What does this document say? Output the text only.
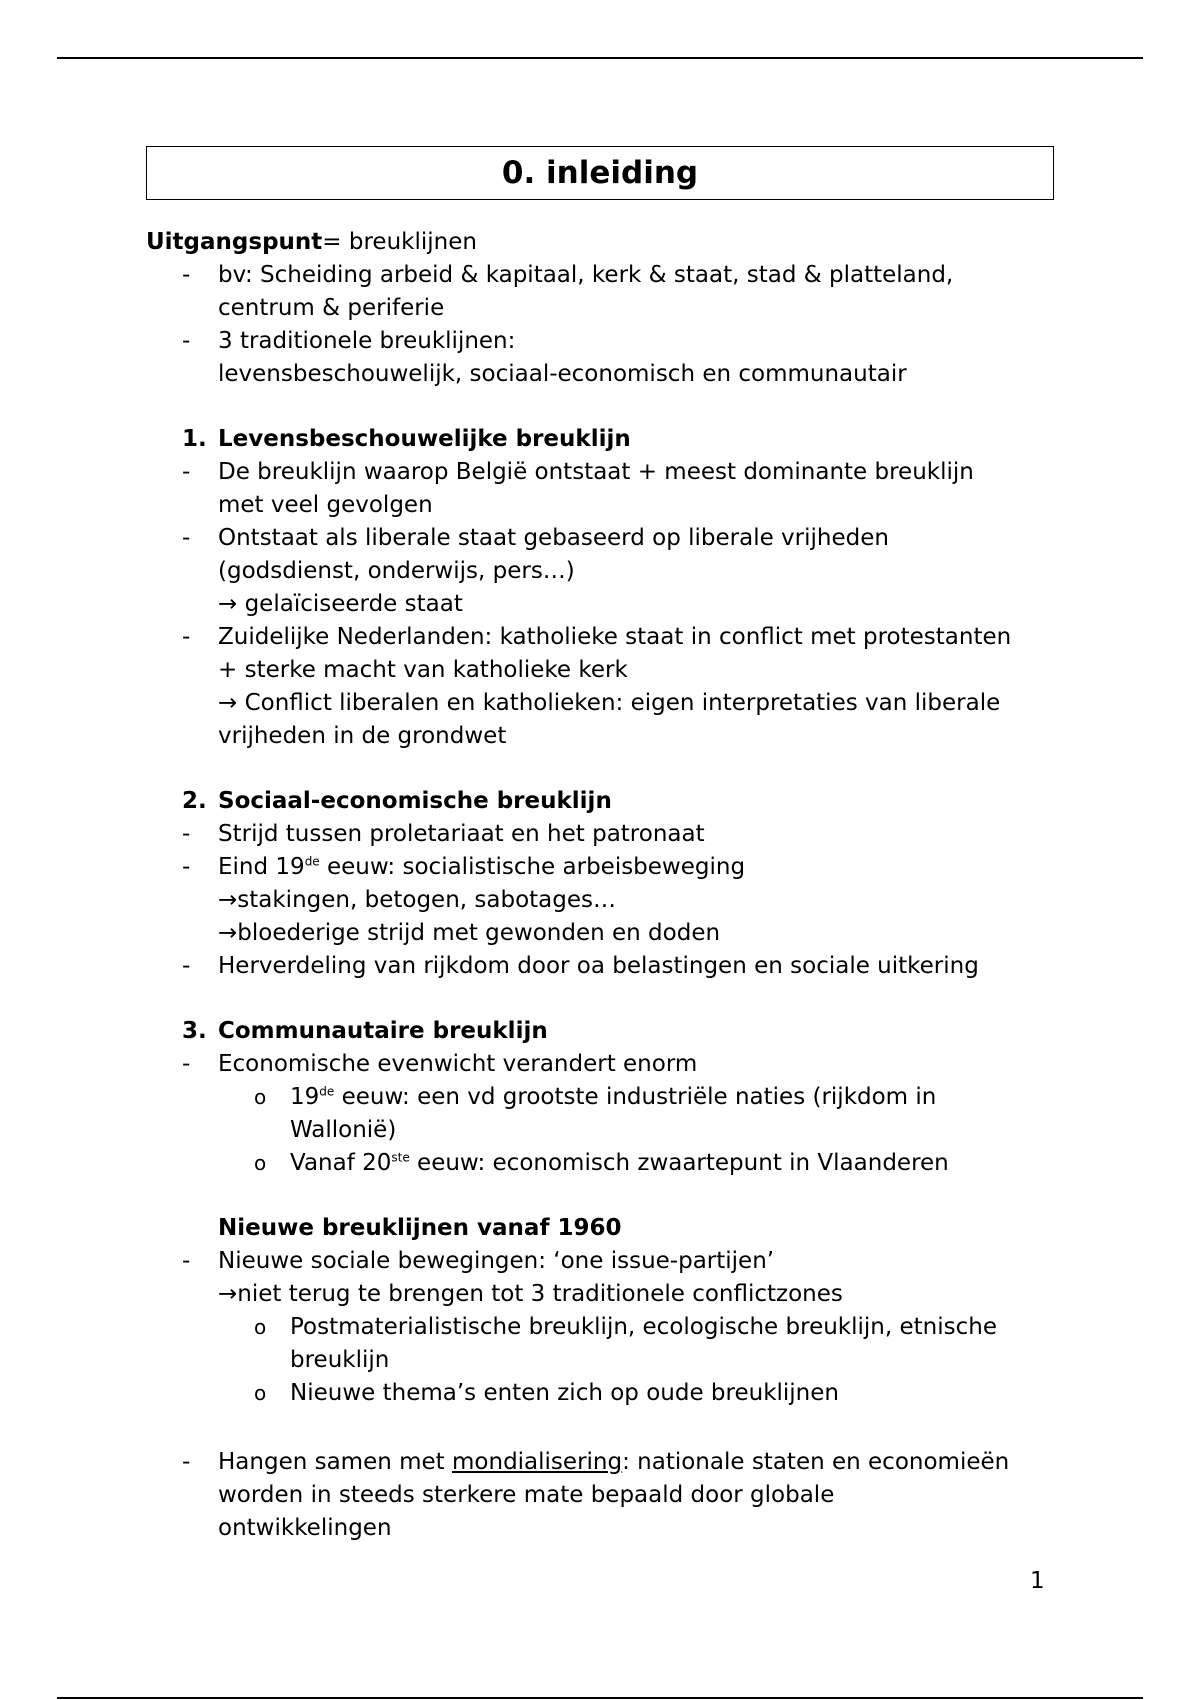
0. inleiding

Uitgangspunt= breuklijnen

- bv: Scheiding arbeid & kapitaal, kerk & staat, stad & platteland,

centrum & periferie

- 3 traditionele breuklijnen:

levensbeschouwelijk, sociaal-economisch en communautair

1. Levensbeschouwelijke breuklijn

- De breuklijn waarop België ontstaat + meest dominante breuklijn

met veel gevolgen

- Ontstaat als liberale staat gebaseerd op liberale vrijheden

(godsdienst, onderwijs, pers…)

→ gelaïciseerde staat

- Zuidelijke Nederlanden: katholieke staat in conflict met protestanten

+ sterke macht van katholieke kerk

→ Conflict liberalen en katholieken: eigen interpretaties van liberale

vrijheden in de grondwet

2. Sociaal-economische breuklijn

- Strijd tussen proletariaat en het patronaat

- Eind 19de eeuw: socialistische arbeisbeweging

→stakingen, betogen, sabotages…

→bloederige strijd met gewonden en doden

- Herverdeling van rijkdom door oa belastingen en sociale uitkering

3. Communautaire breuklijn

- Economische evenwicht verandert enorm

o 19de eeuw: een vd grootste industriële naties (rijkdom in

Wallonië)

o Vanaf 20ste eeuw: economisch zwaartepunt in Vlaanderen

Nieuwe breuklijnen vanaf 1960

- Nieuwe sociale bewegingen: ‘one issue-partijen’

→niet terug te brengen tot 3 traditionele conflictzones

o Postmaterialistische breuklijn, ecologische breuklijn, etnische

breuklijn

o Nieuwe thema’s enten zich op oude breuklijnen

- Hangen samen met mondialisering: nationale staten en economieën

worden in steeds sterkere mate bepaald door globale

ontwikkelingen

1
